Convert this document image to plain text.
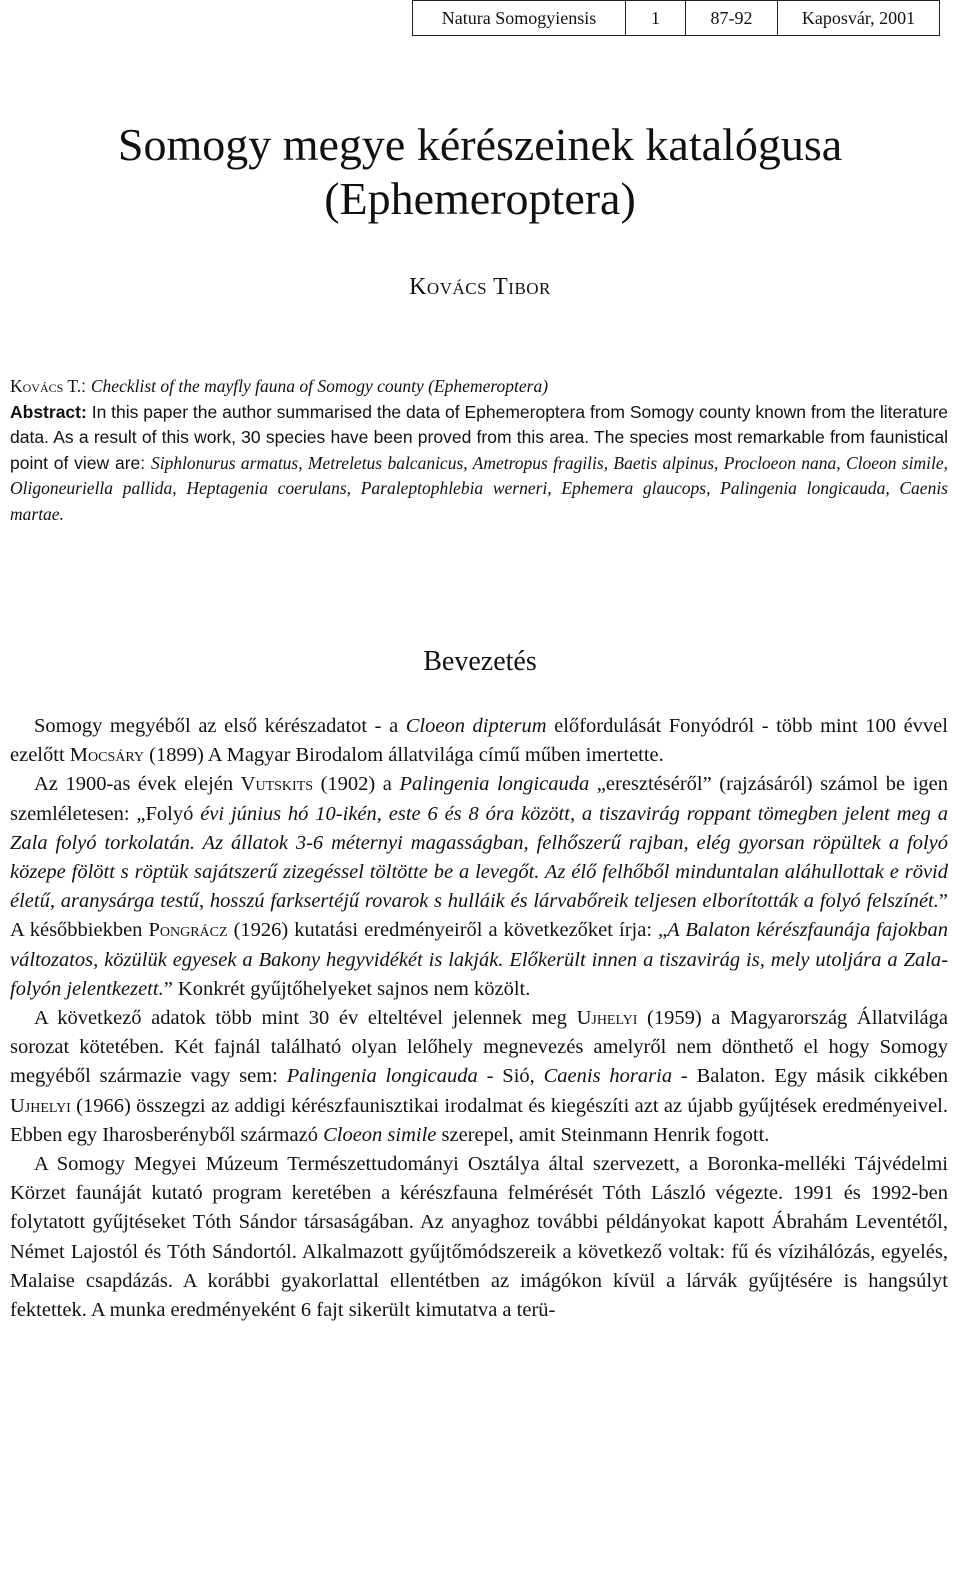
Natura Somogyiensis	1	87-92	Kaposvár, 2001
Somogy megye kérészeinek katalógusa
(Ephemeroptera)
Kovács Tibor

Kovács T.: Checklist of the mayfly fauna of Somogy county (Ephemeroptera)
Abstract: In this paper the author summarised the data of Ephemeroptera from Somogy county known from the literature data. As a result of this work, 30 species have been proved from this area. The species most remarkable from faunistical point of view are: Siphlonurus armatus, Metreletus balcanicus, Ametropus fragilis, Baetis alpinus, Procloeon nana, Cloeon simile, Oligoneuriella pallida, Heptagenia coerulans, Paraleptophlebia werneri, Ephemera glaucops, Palingenia longicauda, Caenis martae.

Bevezetés

Somogy megyéből az első kérészadatot - a Cloeon dipterum előfordulását Fonyódról - több mint 100 évvel ezelőtt Mocsáry (1899) A Magyar Birodalom állatvilága című műben imertette.

Az 1900-as évek elején Vutskits (1902) a Palingenia longicauda „eresztéséről” (rajzásáról) számol be igen szemléletesen: „Folyó évi június hó 10-ikén, este 6 és 8 óra között, a tiszavirág roppant tömegben jelent meg a Zala folyó torkolatán. Az állatok 3-6 méternyi magasságban, felhőszerű rajban, elég gyorsan röpültek a folyó közepe fölött s röptük sajátszerű zizegéssel töltötte be a levegőt. Az élő felhőből minduntalan aláhullottak e rövid életű, aranysárga testű, hosszú farksertéjű rovarok s hulláik és lárvabőreik teljesen elborították a folyó felszínét.” A későbbiekben Pongrácz (1926) kutatási eredményeiről a következőket írja: „A Balaton kérészfaunája fajokban változatos, közülük egyesek a Bakony hegyvidékét is lakják. Előkerült innen a tiszavirág is, mely utoljára a Zala-folyón jelentkezett.” Konkrét gyűjtőhelyeket sajnos nem közölt.

A következő adatok több mint 30 év elteltével jelennek meg Ujhelyi (1959) a Magyarország Állatvilága sorozat kötetében. Két fajnál található olyan lelőhely megnevezés amelyről nem dönthető el hogy Somogy megyéből származie vagy sem: Palingenia longicauda - Sió, Caenis horaria - Balaton. Egy másik cikkében Ujhelyi (1966) összegzi az addigi kérészfaunisztikai irodalmat és kiegészíti azt az újabb gyűjtések eredményeivel. Ebben egy Iharosberényből származó Cloeon simile szerepel, amit Steinmann Henrik fogott.

A Somogy Megyei Múzeum Természettudományi Osztálya által szervezett, a Boronka-melléki Tájvédelmi Körzet faunáját kutató program keretében a kérészfauna felmérését Tóth László végezte. 1991 és 1992-ben folytatott gyűjtéseket Tóth Sándor társaságában. Az anyaghoz további példányokat kapott Ábrahám Leventétől, Német Lajostól és Tóth Sándortól. Alkalmazott gyűjtőmódszereik a következő voltak: fű és vízihálózás, egyelés, Malaise csapdázás. A korábbi gyakorlattal ellentétben az imágókon kívül a lárvák gyűjtésére is hangsúlyt fektettek. A munka eredményeként 6 fajt sikerült kimutatva a terü-
